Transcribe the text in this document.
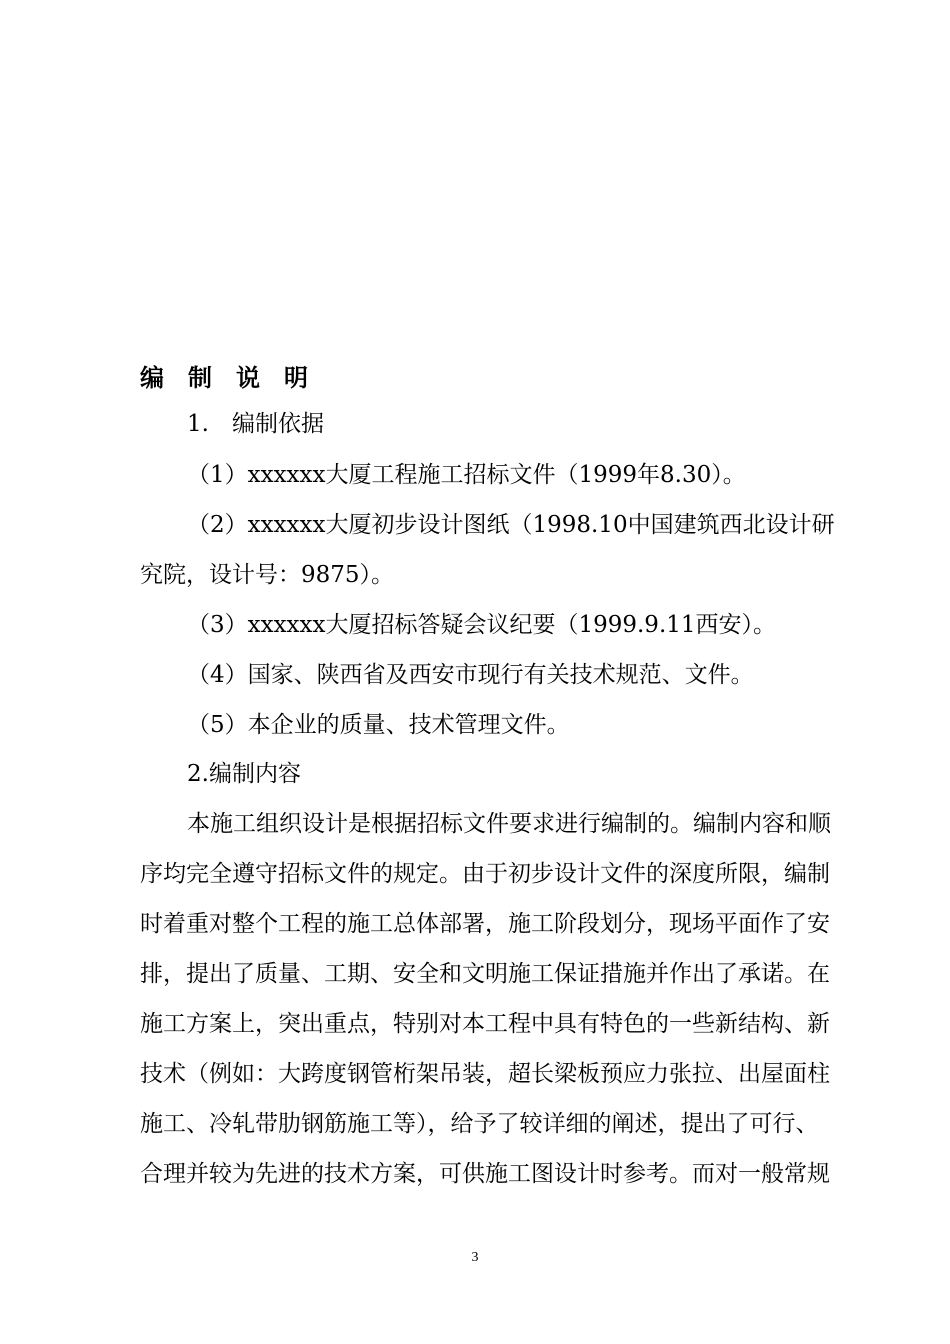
编制说明
1.　编制依据
（1）xxxxxx大厦工程施工招标文件（1999年8.30）。
（2）xxxxxx大厦初步设计图纸（1998.10中国建筑西北设计研
究院，设计号：9875）。
（3）xxxxxx大厦招标答疑会议纪要（1999.9.11西安）。
（4）国家、陕西省及西安市现行有关技术规范、文件。
（5）本企业的质量、技术管理文件。
2.编制内容
本施工组织设计是根据招标文件要求进行编制的。编制内容和顺
序均完全遵守招标文件的规定。由于初步设计文件的深度所限，编制
时着重对整个工程的施工总体部署，施工阶段划分，现场平面作了安
排，提出了质量、工期、安全和文明施工保证措施并作出了承诺。在
施工方案上，突出重点，特别对本工程中具有特色的一些新结构、新
技术（例如：大跨度钢管桁架吊装，超长梁板预应力张拉、出屋面柱
施工、冷轧带肋钢筋施工等），给予了较详细的阐述，提出了可行、
合理并较为先进的技术方案，可供施工图设计时参考。而对一般常规
3
